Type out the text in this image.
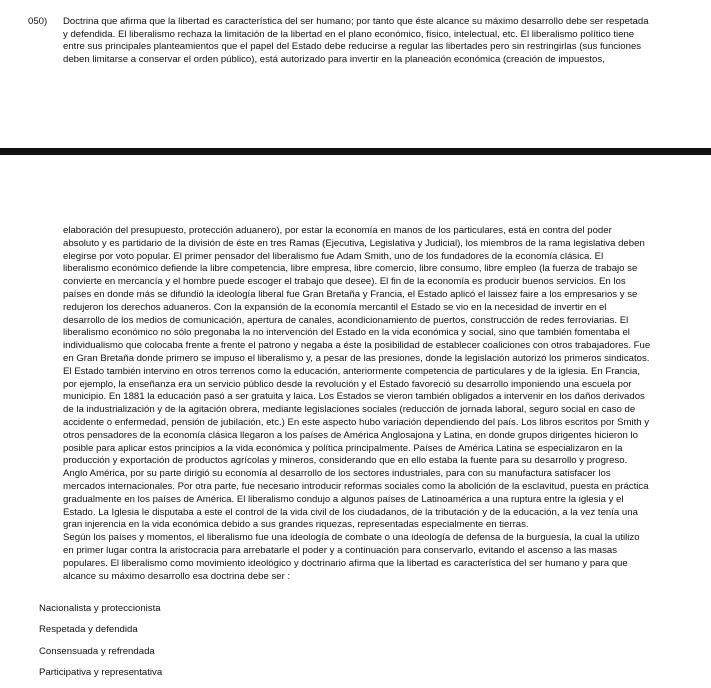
050) Doctrina que afirma que la libertad es característica del ser humano; por tanto que éste alcance su máximo desarrollo debe ser respetada
y defendida. El liberalismo rechaza la limitación de la libertad en el plano económico, físico, intelectual, etc. El liberalismo político tiene
entre sus principales planteamientos que el papel del Estado debe reducirse a regular las libertades pero sin restringirlas (sus funciones
deben limitarse a conservar el orden público), está autorizado para invertir en la planeación económica (creación de impuestos,
elaboración del presupuesto, protección aduanero), por estar la economía en manos de los particulares, está en contra del poder
absoluto y es partidario de la división de éste en tres Ramas (Ejecutiva, Legislativa y Judicial), los miembros de la rama legislativa deben
elegirse por voto popular. El primer pensador del liberalismo fue Adam Smith, uno de los fundadores de la economía clásica. El
liberalismo económico defiende la libre competencia, libre empresa, libre comercio, libre consumo, libre empleo (la fuerza de trabajo se
convierte en mercancía y el hombre puede escoger el trabajo que desee). El fin de la economía es producir buenos servicios. En los
países en donde más se difundió la ideología liberal fue Gran Bretaña y Francia, el Estado aplicó el laissez faire a los empresarios y se
redujeron los derechos aduaneros. Con la expansión de la economía mercantil el Estado se vio en la necesidad de invertir en el
desarrollo de los medios de comunicación, apertura de canales, acondicionamiento de puertos, construcción de redes ferroviarias. El
liberalismo económico no sólo pregonaba la no intervención del Estado en la vida económica y social, sino que también fomentaba el
individualismo que colocaba frente a frente el patrono y negaba a éste la posibilidad de establecer coaliciones con otros trabajadores. Fue
en Gran Bretaña donde primero se impuso el liberalismo y, a pesar de las presiones, donde la legislación autorizó los primeros sindicatos.
El Estado también intervino en otros terrenos como la educación, anteriormente competencia de particulares y de la iglesia. En Francia,
por ejemplo, la enseñanza era un servicio público desde la revolución y el Estado favoreció su desarrollo imponiendo una escuela por
municipio. En 1881 la educación pasó a ser gratuita y laica. Los Estados se vieron también obligados a intervenir en los daños derivados
de la industrialización y de la agitación obrera, mediante legislaciones sociales (reducción de jornada laboral, seguro social en caso de
accidente o enfermedad, pensión de jubilación, etc.) En este aspecto hubo variación dependiendo del país. Los libros escritos por Smith y
otros pensadores de la economía clásica llegaron a los países de América Anglosajona y Latina, en donde grupos dirigentes hicieron lo
posible para aplicar estos principios a la vida económica y política principalmente. Países de América Latina se especializaron en la
producción y exportación de productos agrícolas y mineros, considerando que en ello estaba la fuente para su desarrollo y progreso.
Anglo América, por su parte dirigió su economía al desarrollo de los sectores industriales, para con su manufactura satisfacer los
mercados internacionales. Por otra parte, fue necesario introducir reformas sociales como la abolición de la esclavitud, puesta en práctica
gradualmente en los países de América. El liberalismo condujo a algunos países de Latinoamérica a una ruptura entre la iglesia y el
Estado. La Iglesia le disputaba a este el control de la vida civil de los ciudadanos, de la tributación y de la educación, a la vez tenía una
gran injerencia en la vida económica debido a sus grandes riquezas, representadas especialmente en tierras.
Según los países y momentos, el liberalismo fue una ideología de combate o una ideología de defensa de la burguesía, la cual la utilizo
en primer lugar contra la aristocracia para arrebatarle el poder y a continuación para conservarlo, evitando el ascenso a las masas
populares. El liberalismo como movimiento ideológico y doctrinario afirma que la libertad es característica del ser humano y para que
alcance su máximo desarrollo esa doctrina debe ser :
Nacionalista y proteccionista
Respetada y defendida
Consensuada y refrendada
Participativa y representativa
